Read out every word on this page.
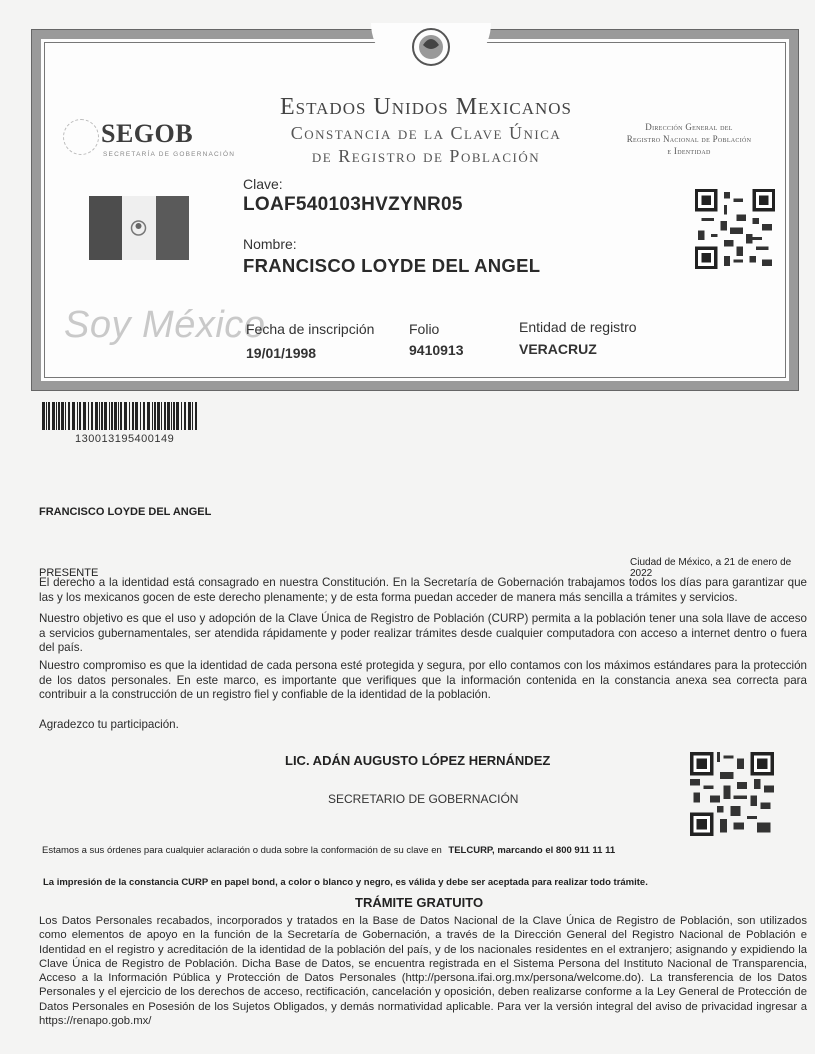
SEGOB
SECRETARÍA DE GOBERNACIÓN
Estados Unidos Mexicanos
Constancia de la Clave Única
de Registro de Población
Dirección General del
Registro Nacional de Población
e Identidad
Clave:
LOAF540103HVZYNR05
Nombre:
FRANCISCO LOYDE DEL ANGEL
Soy México
Fecha de inscripción
19/01/1998
Folio
9410913
Entidad de registro
VERACRUZ
130013195400149
FRANCISCO LOYDE DEL ANGEL
Ciudad de México, a 21 de enero de 2022
PRESENTE
El derecho a la identidad está consagrado en nuestra Constitución. En la Secretaría de Gobernación trabajamos todos los días para garantizar que las y los mexicanos gocen de este derecho plenamente; y de esta forma puedan acceder de manera más sencilla a trámites y servicios.
Nuestro objetivo es que el uso y adopción de la Clave Única de Registro de Población (CURP) permita a la población tener una sola llave de acceso a servicios gubernamentales, ser atendida rápidamente y poder realizar trámites desde cualquier computadora con acceso a internet dentro o fuera del país.
Nuestro compromiso es que la identidad de cada persona esté protegida y segura, por ello contamos con los máximos estándares para la protección de los datos personales. En este marco, es importante que verifiques que la información contenida en la constancia anexa sea correcta para contribuir a la construcción de un registro fiel y confiable de la identidad de la población.
Agradezco tu participación.
LIC. ADÁN AUGUSTO LÓPEZ HERNÁNDEZ
SECRETARIO DE GOBERNACIÓN
Estamos a sus órdenes para cualquier aclaración o duda sobre la conformación de su clave en TELCURP, marcando el 800 911 11 11
La impresión de la constancia CURP en papel bond, a color o blanco y negro, es válida y debe ser aceptada para realizar todo trámite.
TRÁMITE GRATUITO
Los Datos Personales recabados, incorporados y tratados en la Base de Datos Nacional de la Clave Única de Registro de Población, son utilizados como elementos de apoyo en la función de la Secretaría de Gobernación, a través de la Dirección General del Registro Nacional de Población e Identidad en el registro y acreditación de la identidad de la población del país, y de los nacionales residentes en el extranjero; asignando y expidiendo la Clave Única de Registro de Población. Dicha Base de Datos, se encuentra registrada en el Sistema Persona del Instituto Nacional de Transparencia, Acceso a la Información Pública y Protección de Datos Personales (http://persona.ifai.org.mx/persona/welcome.do). La transferencia de los Datos Personales y el ejercicio de los derechos de acceso, rectificación, cancelación y oposición, deben realizarse conforme a la Ley General de Protección de Datos Personales en Posesión de los Sujetos Obligados, y demás normatividad aplicable. Para ver la versión integral del aviso de privacidad ingresar a https://renapo.gob.mx/
